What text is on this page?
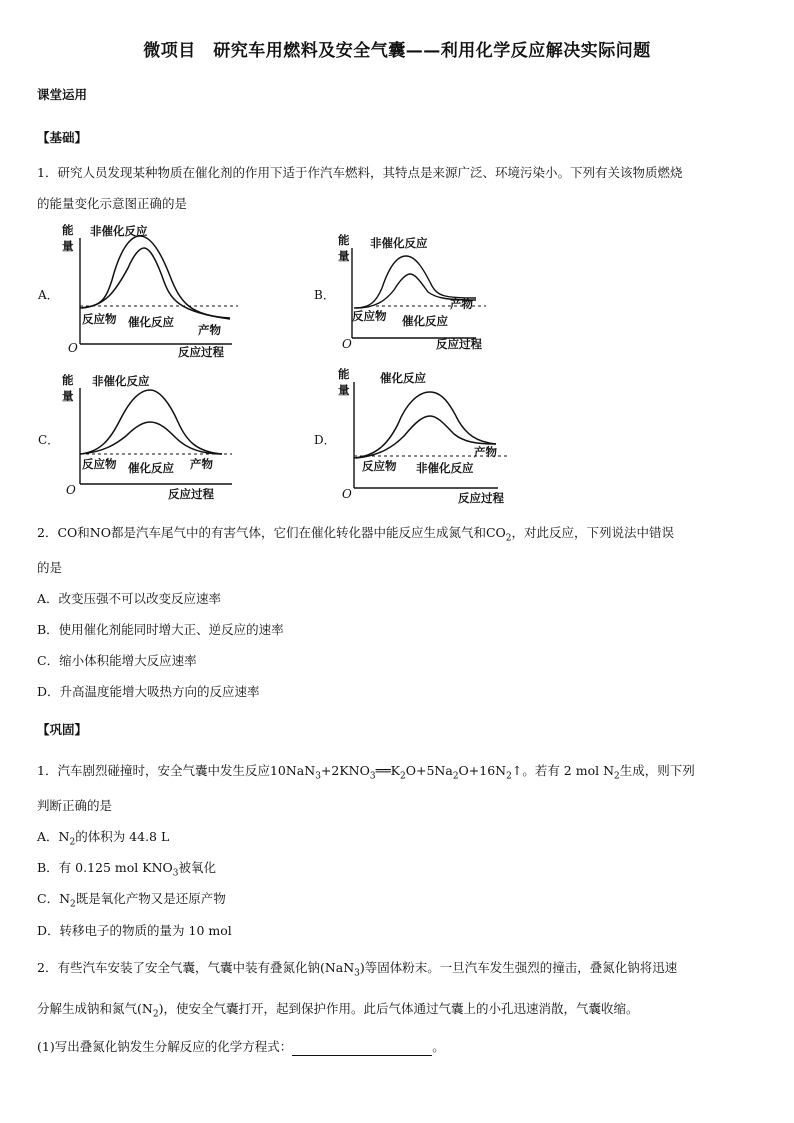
微项目　研究车用燃料及安全气囊——利用化学反应解决实际问题
课堂运用
【基础】
1．研究人员发现某种物质在催化剂的作用下适于作汽车燃料，其特点是来源广泛、环境污染小。下列有关该物质燃烧
的能量变化示意图正确的是
A．
能
量
非催化反应
反应物 催化反应
产物
O	反应过程
B．
能
量
非催化反应
反应物 催化反应
产物
O	反应过程
C．
能
量
非催化反应
反应物 催化反应 产物
O	反应过程
D．
能
量
催化反应
反应物 非催化反应
产物
O	反应过程
2．CO和NO都是汽车尾气中的有害气体，它们在催化转化器中能反应生成氮气和$CO_2$，对此反应，下列说法中错误
的是
A．改变压强不可以改变反应速率
B．使用催化剂能同时增大正、逆反应的速率
C．缩小体积能增大反应速率
D．升高温度能增大吸热方向的反应速率
【巩固】
1．汽车剧烈碰撞时，安全气囊中发生反应$10NaN_3+2KNO_3══K_2O+5Na_2O+16N_2↑$。若有 2 mol $N_2$生成，则下列
判断正确的是
A．$N_2$的体积为 44.8 L
B．有 0.125 mol $KNO_3$被氧化
C．$N_2$既是氧化产物又是还原产物
D．转移电子的物质的量为 10 mol
2．有些汽车安装了安全气囊，气囊中装有叠氮化钠(NaN$_3$)等固体粉末。一旦汽车发生强烈的撞击，叠氮化钠将迅速
分解生成钠和氮气$(N_2)$，使安全气囊打开，起到保护作用。此后气体通过气囊上的小孔迅速消散，气囊收缩。
(1)写出叠氮化钠发生分解反应的化学方程式：	。
